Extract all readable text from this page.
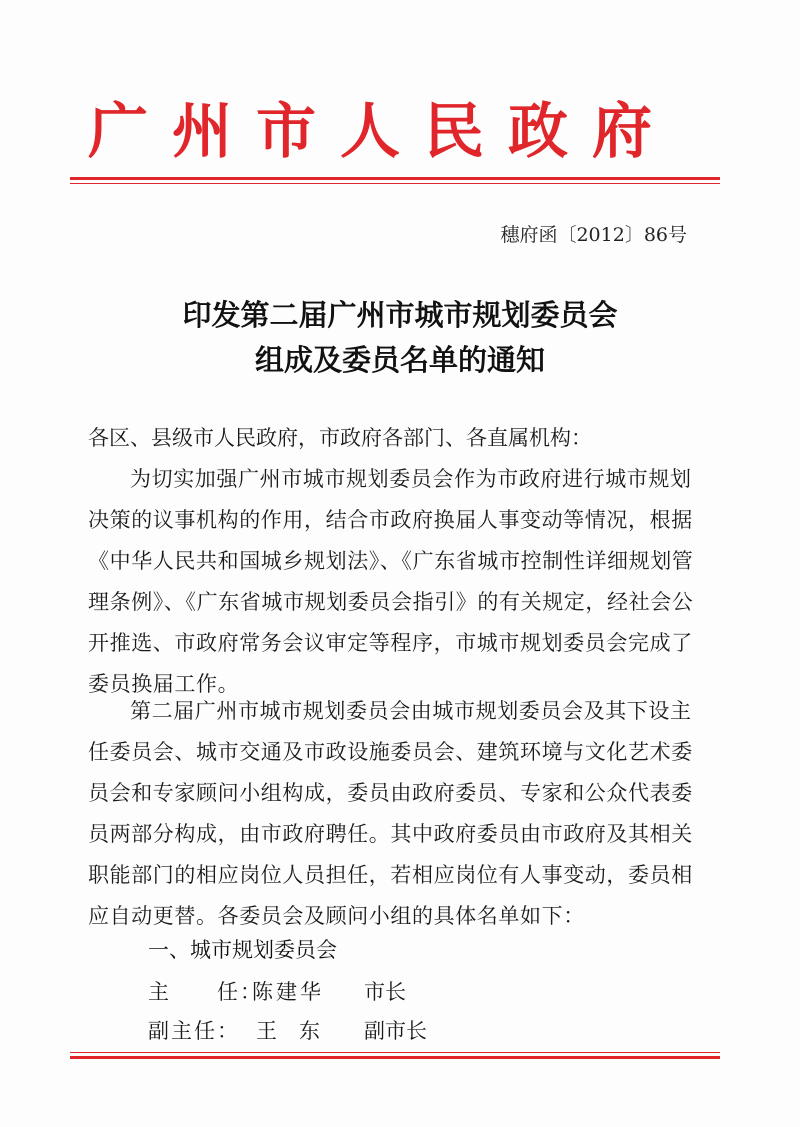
广州市人民政府
穗府函〔2012〕86号
印发第二届广州市城市规划委员会
组成及委员名单的通知
各区、县级市人民政府，市政府各部门、各直属机构：
为切实加强广州市城市规划委员会作为市政府进行城市规划决策的议事机构的作用，结合市政府换届人事变动等情况，根据《中华人民共和国城乡规划法》、《广东省城市控制性详细规划管理条例》、《广东省城市规划委员会指引》的有关规定，经社会公开推选、市政府常务会议审定等程序，市城市规划委员会完成了委员换届工作。
第二届广州市城市规划委员会由城市规划委员会及其下设主任委员会、城市交通及市政设施委员会、建筑环境与文化艺术委员会和专家顾问小组构成，委员由政府委员、专家和公众代表委员两部分构成，由市政府聘任。其中政府委员由市政府及其相关职能部门的相应岗位人员担任，若相应岗位有人事变动，委员相应自动更替。各委员会及顾问小组的具体名单如下：
一、城市规划委员会
主　　任：
陈建华 市长
副主任： 王东 副市长
